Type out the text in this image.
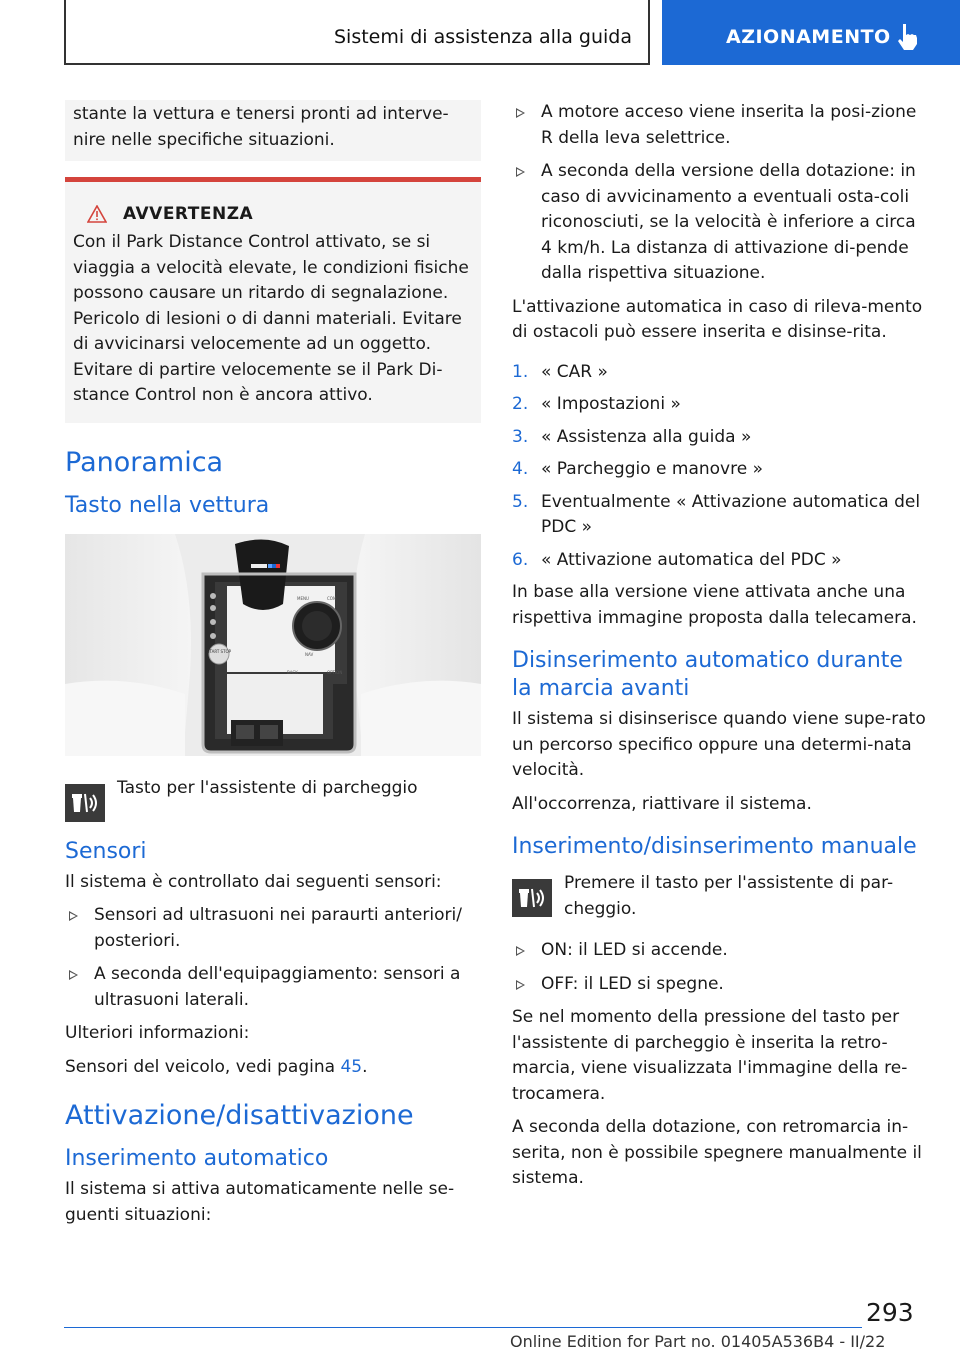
Sistemi di assistenza alla guida	AZIONAMENTO

stante la vettura e tenersi pronti ad interve-nire nelle specifiche situazioni.

AVVERTENZA

Con il Park Distance Control attivato, se si viaggia a velocità elevate, le condizioni fisiche possono causare un ritardo di segnalazione. Pericolo di lesioni o di danni materiali. Evitare di avvicinarsi velocemente ad un oggetto. Evitare di partire velocemente se il Park Di-stance Control non è ancora attivo.

Panoramica
Tasto nella vettura
START STOP
MENU	COM
BACK	OPTION
NAV

Tasto per l'assistente di parcheggio

Sensori

Il sistema è controllato dai seguenti sensori:

Sensori ad ultrasuoni nei paraurti anteriori/ posteriori.
A seconda dell'equipaggiamento: sensori a ultrasuoni laterali.

Ulteriori informazioni:

Sensori del veicolo, vedi pagina 45.

Attivazione/disattivazione
Inserimento automatico

Il sistema si attiva automaticamente nelle se-guenti situazioni:

A motore acceso viene inserita la posi-zione R della leva selettrice.
A seconda della versione della dotazione: in caso di avvicinamento a eventuali osta-coli riconosciuti, se la velocità è inferiore a circa 4 km/h. La distanza di attivazione di-pende dalla rispettiva situazione.

L'attivazione automatica in caso di rileva-mento di ostacoli può essere inserita e disinse-rita.

1. « CAR »
2. « Impostazioni »
3. « Assistenza alla guida »
4. « Parcheggio e manovre »
5. Eventualmente « Attivazione automatica del PDC »
6. « Attivazione automatica del PDC »

In base alla versione viene attivata anche una rispettiva immagine proposta dalla telecamera.

Disinserimento automatico durante la marcia avanti

Il sistema si disinserisce quando viene supe-rato un percorso specifico oppure una determi-nata velocità.

All'occorrenza, riattivare il sistema.

Inserimento/disinserimento manuale

Premere il tasto per l'assistente di par-cheggio.

ON: il LED si accende.
OFF: il LED si spegne.

Se nel momento della pressione del tasto per l'assistente di parcheggio è inserita la retro-marcia, viene visualizzata l'immagine della re-trocamera.

A seconda della dotazione, con retromarcia in-serita, non è possibile spegnere manualmente il sistema.

293
Online Edition for Part no. 01405A536B4 - II/22
